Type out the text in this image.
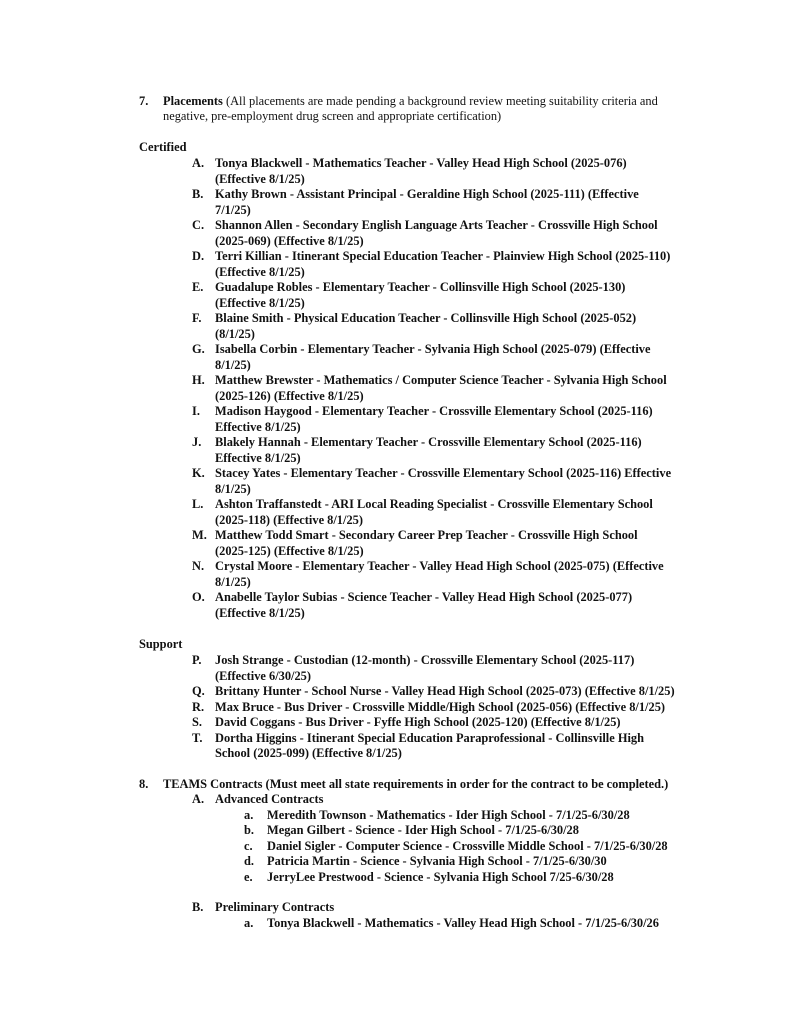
7. Placements (All placements are made pending a background review meeting suitability criteria and
negative, pre-employment drug screen and appropriate certification)
Certified
A. Tonya Blackwell - Mathematics Teacher - Valley Head High School (2025-076)
(Effective 8/1/25)
B. Kathy Brown - Assistant Principal - Geraldine High School (2025-111) (Effective
7/1/25)
C. Shannon Allen - Secondary English Language Arts Teacher - Crossville High School
(2025-069) (Effective 8/1/25)
D. Terri Killian - Itinerant Special Education Teacher - Plainview High School (2025-110)
(Effective 8/1/25)
E. Guadalupe Robles - Elementary Teacher - Collinsville High School (2025-130)
(Effective 8/1/25)
F. Blaine Smith - Physical Education Teacher - Collinsville High School (2025-052)
(8/1/25)
G. Isabella Corbin - Elementary Teacher - Sylvania High School (2025-079) (Effective
8/1/25)
H. Matthew Brewster - Mathematics / Computer Science Teacher - Sylvania High School
(2025-126) (Effective 8/1/25)
I. Madison Haygood - Elementary Teacher - Crossville Elementary School (2025-116)
Effective 8/1/25)
J. Blakely Hannah - Elementary Teacher - Crossville Elementary School (2025-116)
Effective 8/1/25)
K. Stacey Yates - Elementary Teacher - Crossville Elementary School (2025-116) Effective
8/1/25)
L. Ashton Traffanstedt - ARI Local Reading Specialist - Crossville Elementary School
(2025-118) (Effective 8/1/25)
M. Matthew Todd Smart - Secondary Career Prep Teacher - Crossville High School
(2025-125) (Effective 8/1/25)
N. Crystal Moore - Elementary Teacher - Valley Head High School (2025-075) (Effective
8/1/25)
O. Anabelle Taylor Subias - Science Teacher - Valley Head High School (2025-077)
(Effective 8/1/25)
Support
P. Josh Strange - Custodian (12-month) - Crossville Elementary School (2025-117)
(Effective 6/30/25)
Q. Brittany Hunter - School Nurse - Valley Head High School (2025-073) (Effective 8/1/25)
R. Max Bruce - Bus Driver - Crossville Middle/High School (2025-056) (Effective 8/1/25)
S. David Coggans - Bus Driver - Fyffe High School (2025-120) (Effective 8/1/25)
T. Dortha Higgins - Itinerant Special Education Paraprofessional - Collinsville High
School (2025-099) (Effective 8/1/25)
8. TEAMS Contracts (Must meet all state requirements in order for the contract to be completed.)
A. Advanced Contracts
a. Meredith Townson - Mathematics - Ider High School - 7/1/25-6/30/28
b. Megan Gilbert - Science - Ider High School - 7/1/25-6/30/28
c. Daniel Sigler - Computer Science - Crossville Middle School - 7/1/25-6/30/28
d. Patricia Martin - Science - Sylvania High School - 7/1/25-6/30/30
e. JerryLee Prestwood - Science - Sylvania High School 7/25-6/30/28
B. Preliminary Contracts
a. Tonya Blackwell - Mathematics - Valley Head High School - 7/1/25-6/30/26
